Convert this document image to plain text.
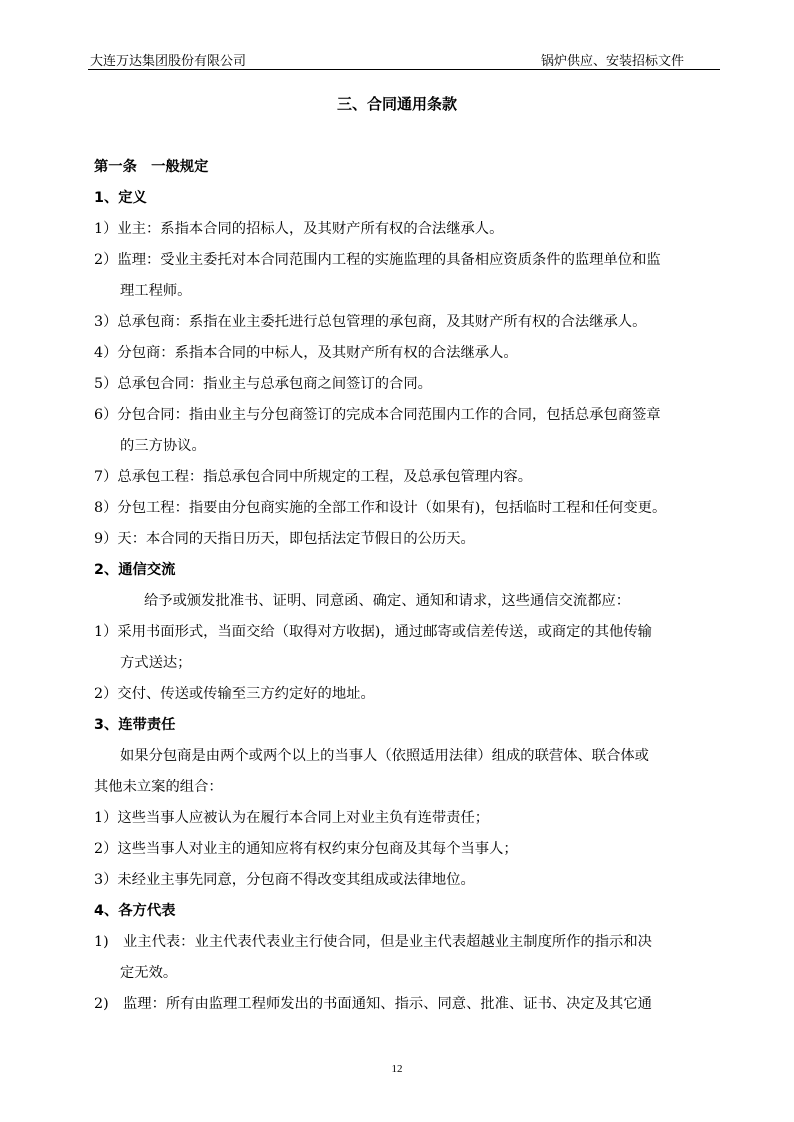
大连万达集团股份有限公司	锅炉供应、安装招标文件
三、合同通用条款
第一条　一般规定
1、定义
1）业主：系指本合同的招标人，及其财产所有权的合法继承人。
2）监理：受业主委托对本合同范围内工程的实施监理的具备相应资质条件的监理单位和监
理工程师。
3）总承包商：系指在业主委托进行总包管理的承包商，及其财产所有权的合法继承人。
4）分包商：系指本合同的中标人，及其财产所有权的合法继承人。
5）总承包合同：指业主与总承包商之间签订的合同。
6）分包合同：指由业主与分包商签订的完成本合同范围内工作的合同，包括总承包商签章
的三方协议。
7）总承包工程：指总承包合同中所规定的工程，及总承包管理内容。
8）分包工程：指要由分包商实施的全部工作和设计（如果有)，包括临时工程和任何变更。
9）天：本合同的天指日历天，即包括法定节假日的公历天。
2、通信交流
给予或颁发批准书、证明、同意函、确定、通知和请求，这些通信交流都应：
1）采用书面形式，当面交给（取得对方收据)，通过邮寄或信差传送，或商定的其他传输
方式送达；
2）交付、传送或传输至三方约定好的地址。
3、连带责任
如果分包商是由两个或两个以上的当事人（依照适用法律）组成的联营体、联合体或
其他未立案的组合：
1）这些当事人应被认为在履行本合同上对业主负有连带责任；
2）这些当事人对业主的通知应将有权约束分包商及其每个当事人；
3）未经业主事先同意，分包商不得改变其组成或法律地位。
4、各方代表
1)　业主代表：业主代表代表业主行使合同，但是业主代表超越业主制度所作的指示和决
定无效。
2)　监理：所有由监理工程师发出的书面通知、指示、同意、批准、证书、决定及其它通
12
